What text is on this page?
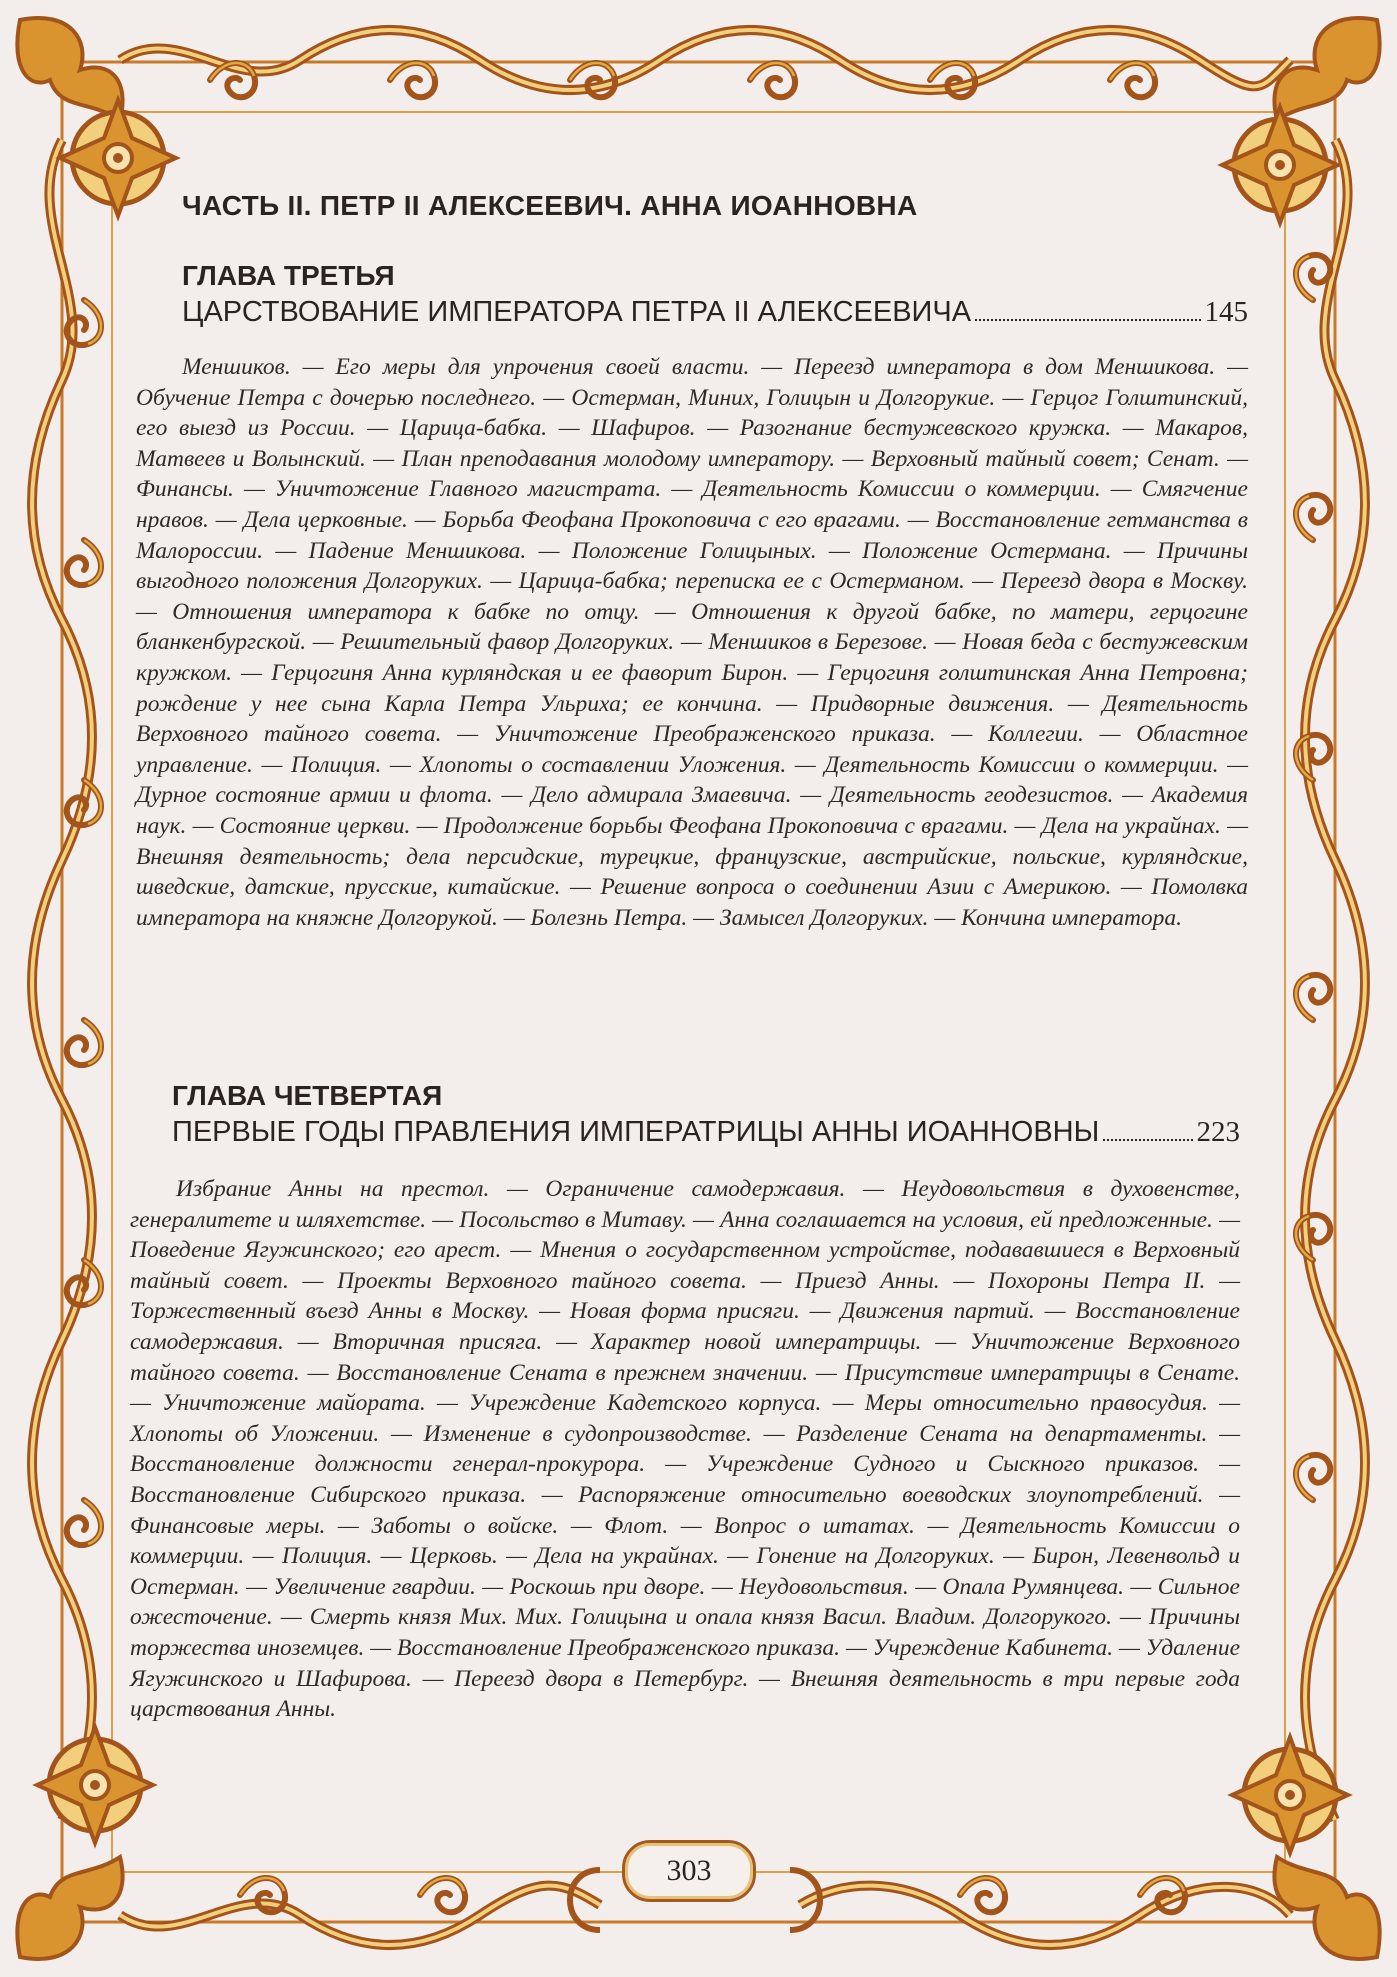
ЧАСТЬ II. ПЕТР II АЛЕКСЕЕВИЧ. АННА ИОАННОВНА
ГЛАВА ТРЕТЬЯ
ЦАРСТВОВАНИЕ ИМПЕРАТОРА ПЕТРА II АЛЕКСЕЕВИЧА	145

Меншиков. — Его меры для упрочения своей власти. — Переезд императора в дом Меншикова. — Обучение Петра с дочерью последнего. — Остерман, Миних, Голицын и Долгорукие. — Герцог Голштинский, его выезд из России. — Царица-бабка. — Шафиров. — Разогнание бестужевского кружка. — Макаров, Матвеев и Волынский. — План преподавания молодому императору. — Верховный тайный совет; Сенат. — Финансы. — Уничтожение Главного магистрата. — Деятельность Комиссии о коммерции. — Смягчение нравов. — Дела церковные. — Борьба Феофана Прокоповича с его врагами. — Восстановление гетманства в Малороссии. — Падение Меншикова. — Положение Голицыных. — Положение Остермана. — Причины выгодного положения Долгоруких. — Царица-бабка; переписка ее с Остерманом. — Переезд двора в Москву. — Отношения императора к бабке по отцу. — Отношения к другой бабке, по матери, герцогине бланкенбургской. — Решительный фавор Долгоруких. — Меншиков в Березове. — Новая беда с бестужевским кружком. — Герцогиня Анна курляндская и ее фаворит Бирон. — Герцогиня голштинская Анна Петровна; рождение у нее сына Карла Петра Ульриха; ее кончина. — Придворные движения. — Деятельность Верховного тайного совета. — Уничтожение Преображенского приказа. — Коллегии. — Областное управление. — Полиция. — Хлопоты о составлении Уложения. — Деятельность Комиссии о коммерции. — Дурное состояние армии и флота. — Дело адмирала Змаевича. — Деятельность геодезистов. — Академия наук. — Состояние церкви. — Продолжение борьбы Феофана Прокоповича с врагами. — Дела на украйнах. — Внешняя деятельность; дела персидские, турецкие, французские, австрийские, польские, курляндские, шведские, датские, прусские, китайские. — Решение вопроса о соединении Азии с Америкою. — Помолвка императора на княжне Долгорукой. — Болезнь Петра. — Замысел Долгоруких. — Кончина императора.

ГЛАВА ЧЕТВЕРТАЯ
ПЕРВЫЕ ГОДЫ ПРАВЛЕНИЯ ИМПЕРАТРИЦЫ АННЫ ИОАННОВНЫ	223

Избрание Анны на престол. — Ограничение самодержавия. — Неудовольствия в духовенстве, генералитете и шляхетстве. — Посольство в Митаву. — Анна соглашается на условия, ей предложенные. — Поведение Ягужинского; его арест. — Мнения о государственном устройстве, подававшиеся в Верховный тайный совет. — Проекты Верховного тайного совета. — Приезд Анны. — Похороны Петра II. — Торжественный въезд Анны в Москву. — Новая форма присяги. — Движения партий. — Восстановление самодержавия. — Вторичная присяга. — Характер новой императрицы. — Уничтожение Верховного тайного совета. — Восстановление Сената в прежнем значении. — Присутствие императрицы в Сенате. — Уничтожение майората. — Учреждение Кадетского корпуса. — Меры относительно правосудия. — Хлопоты об Уложении. — Изменение в судопроизводстве. — Разделение Сената на департаменты. — Восстановление должности генерал-прокурора. — Учреждение Судного и Сыскного приказов. — Восстановление Сибирского приказа. — Распоряжение относительно воеводских злоупотреблений. — Финансовые меры. — Заботы о войске. — Флот. — Вопрос о штатах. — Деятельность Комиссии о коммерции. — Полиция. — Церковь. — Дела на украйнах. — Гонение на Долгоруких. — Бирон, Левенвольд и Остерман. — Увеличение гвардии. — Роскошь при дворе. — Неудовольствия. — Опала Румянцева. — Сильное ожесточение. — Смерть князя Мих. Мих. Голицына и опала князя Васил. Владим. Долгорукого. — Причины торжества иноземцев. — Восстановление Преображенского приказа. — Учреждение Кабинета. — Удаление Ягужинского и Шафирова. — Переезд двора в Петербург. — Внешняя деятельность в три первые года царствования Анны.

303
